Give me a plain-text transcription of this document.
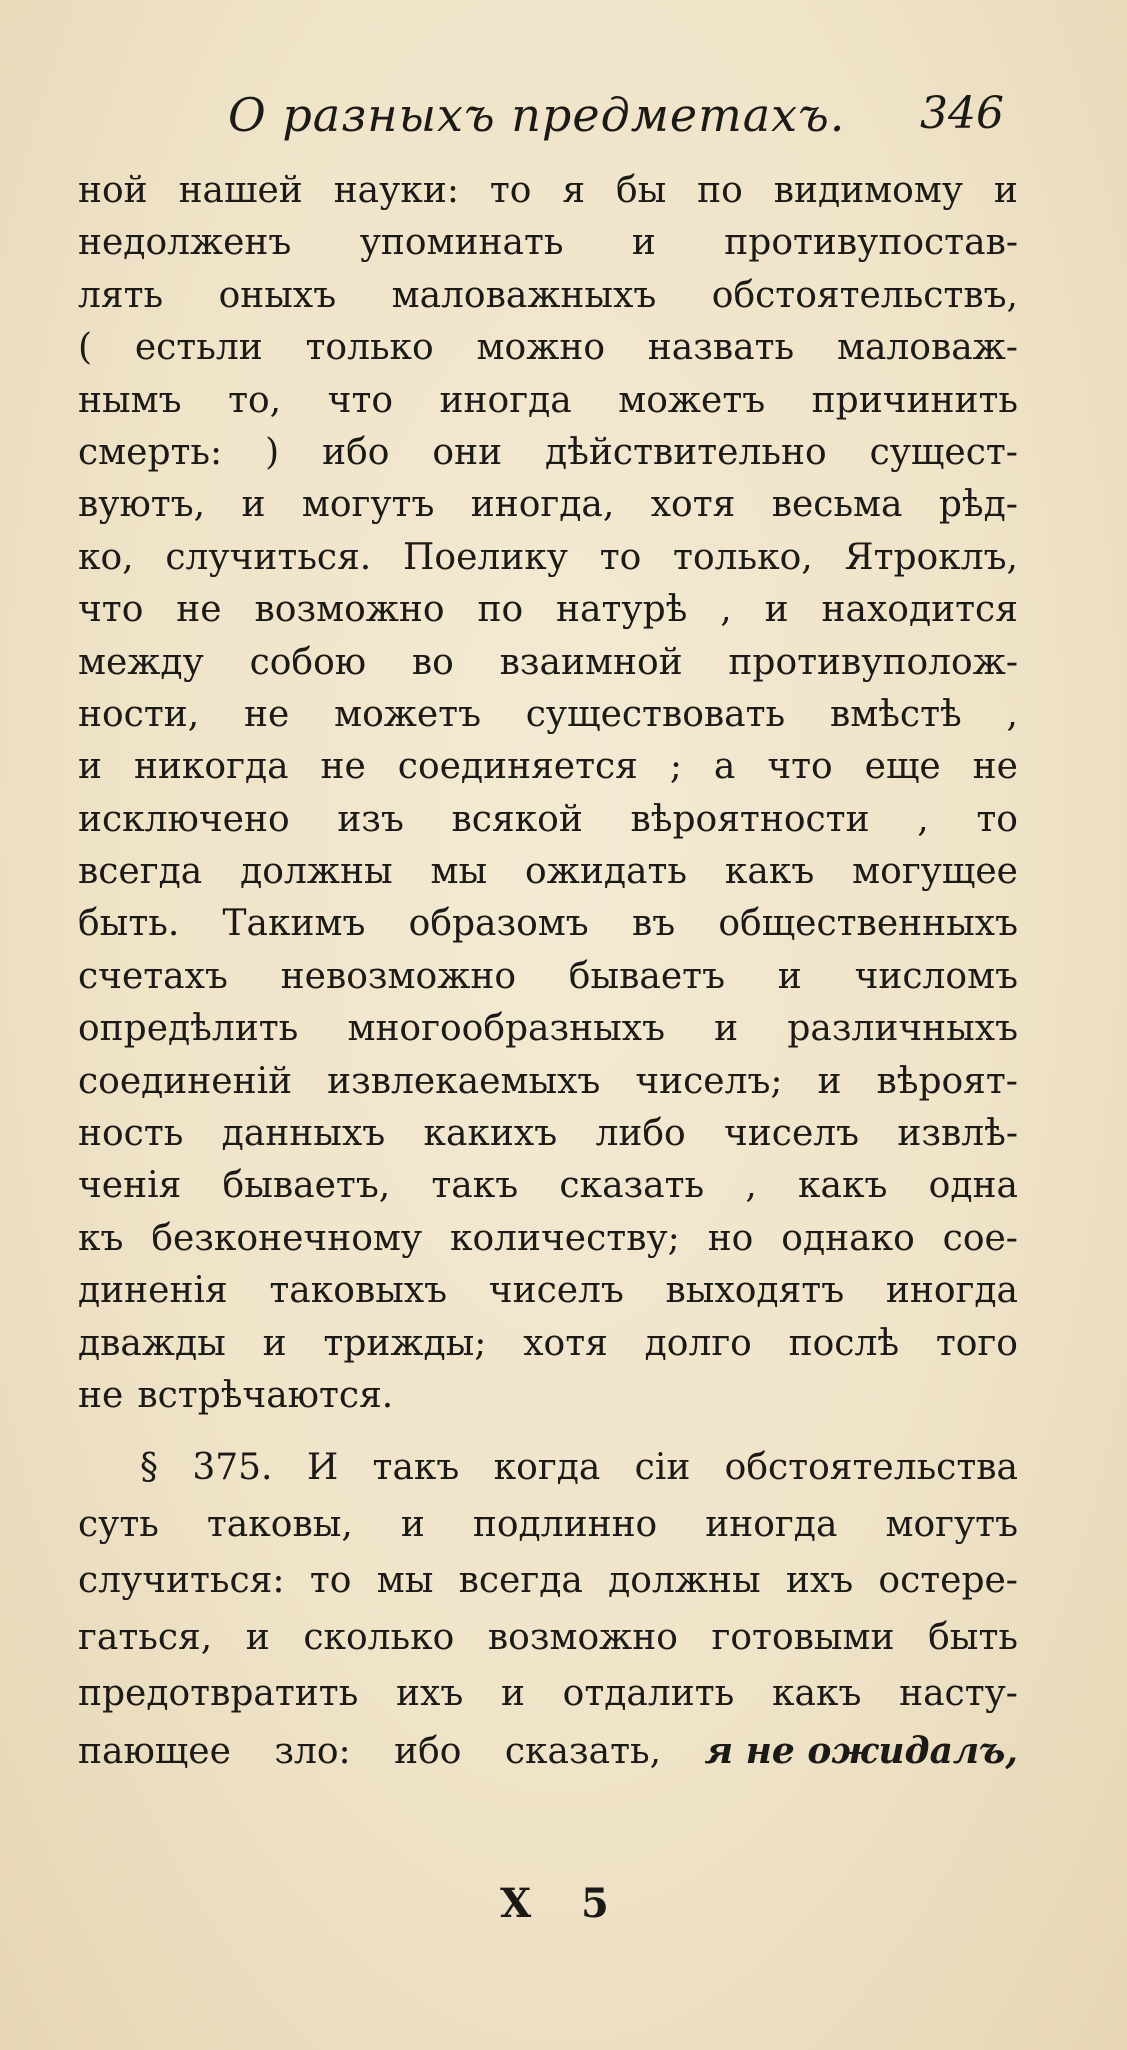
О разныхъ предметахъ. 346
ной нашей науки: то я бы по видимому и
недолженъ упоминать и противупостав-
лять оныхъ маловажныхъ обстоятельствъ,
( естьли только можно назвать маловаж-
нымъ то, что иногда можетъ причинить
смерть: ) ибо они дѣйствительно сущест-
вуютъ, и могутъ иногда, хотя весьма рѣд-
ко, случиться. Поелику то только, Ятроклъ,
что не возможно по натурѣ , и находится
между собою во взаимной противуполож-
ности, не можетъ существовать вмѣстѣ ,
и никогда не соединяется ; а что еще не
исключено изъ всякой вѣроятности , то
всегда должны мы ожидать какъ могущее
быть. Такимъ образомъ въ общественныхъ
счетахъ невозможно бываетъ и числомъ
опредѣлить многообразныхъ и различныхъ
соединеній извлекаемыхъ чиселъ; и вѣроят-
ность данныхъ какихъ либо чиселъ извлѣ-
ченія бываетъ, такъ сказать , какъ одна
къ безконечному количеству; но однако сое-
диненія таковыхъ чиселъ выходятъ иногда
дважды и трижды; хотя долго послѣ того
не встрѣчаются.
§ 375. И такъ когда сіи обстоятельства
суть таковы, и подлинно иногда могутъ
случиться: то мы всегда должны ихъ остере-
гаться, и сколько возможно готовыми быть
предотвратить ихъ и отдалить какъ насту-
пающее зло: ибо сказать, я не ожидалъ,
X 5
